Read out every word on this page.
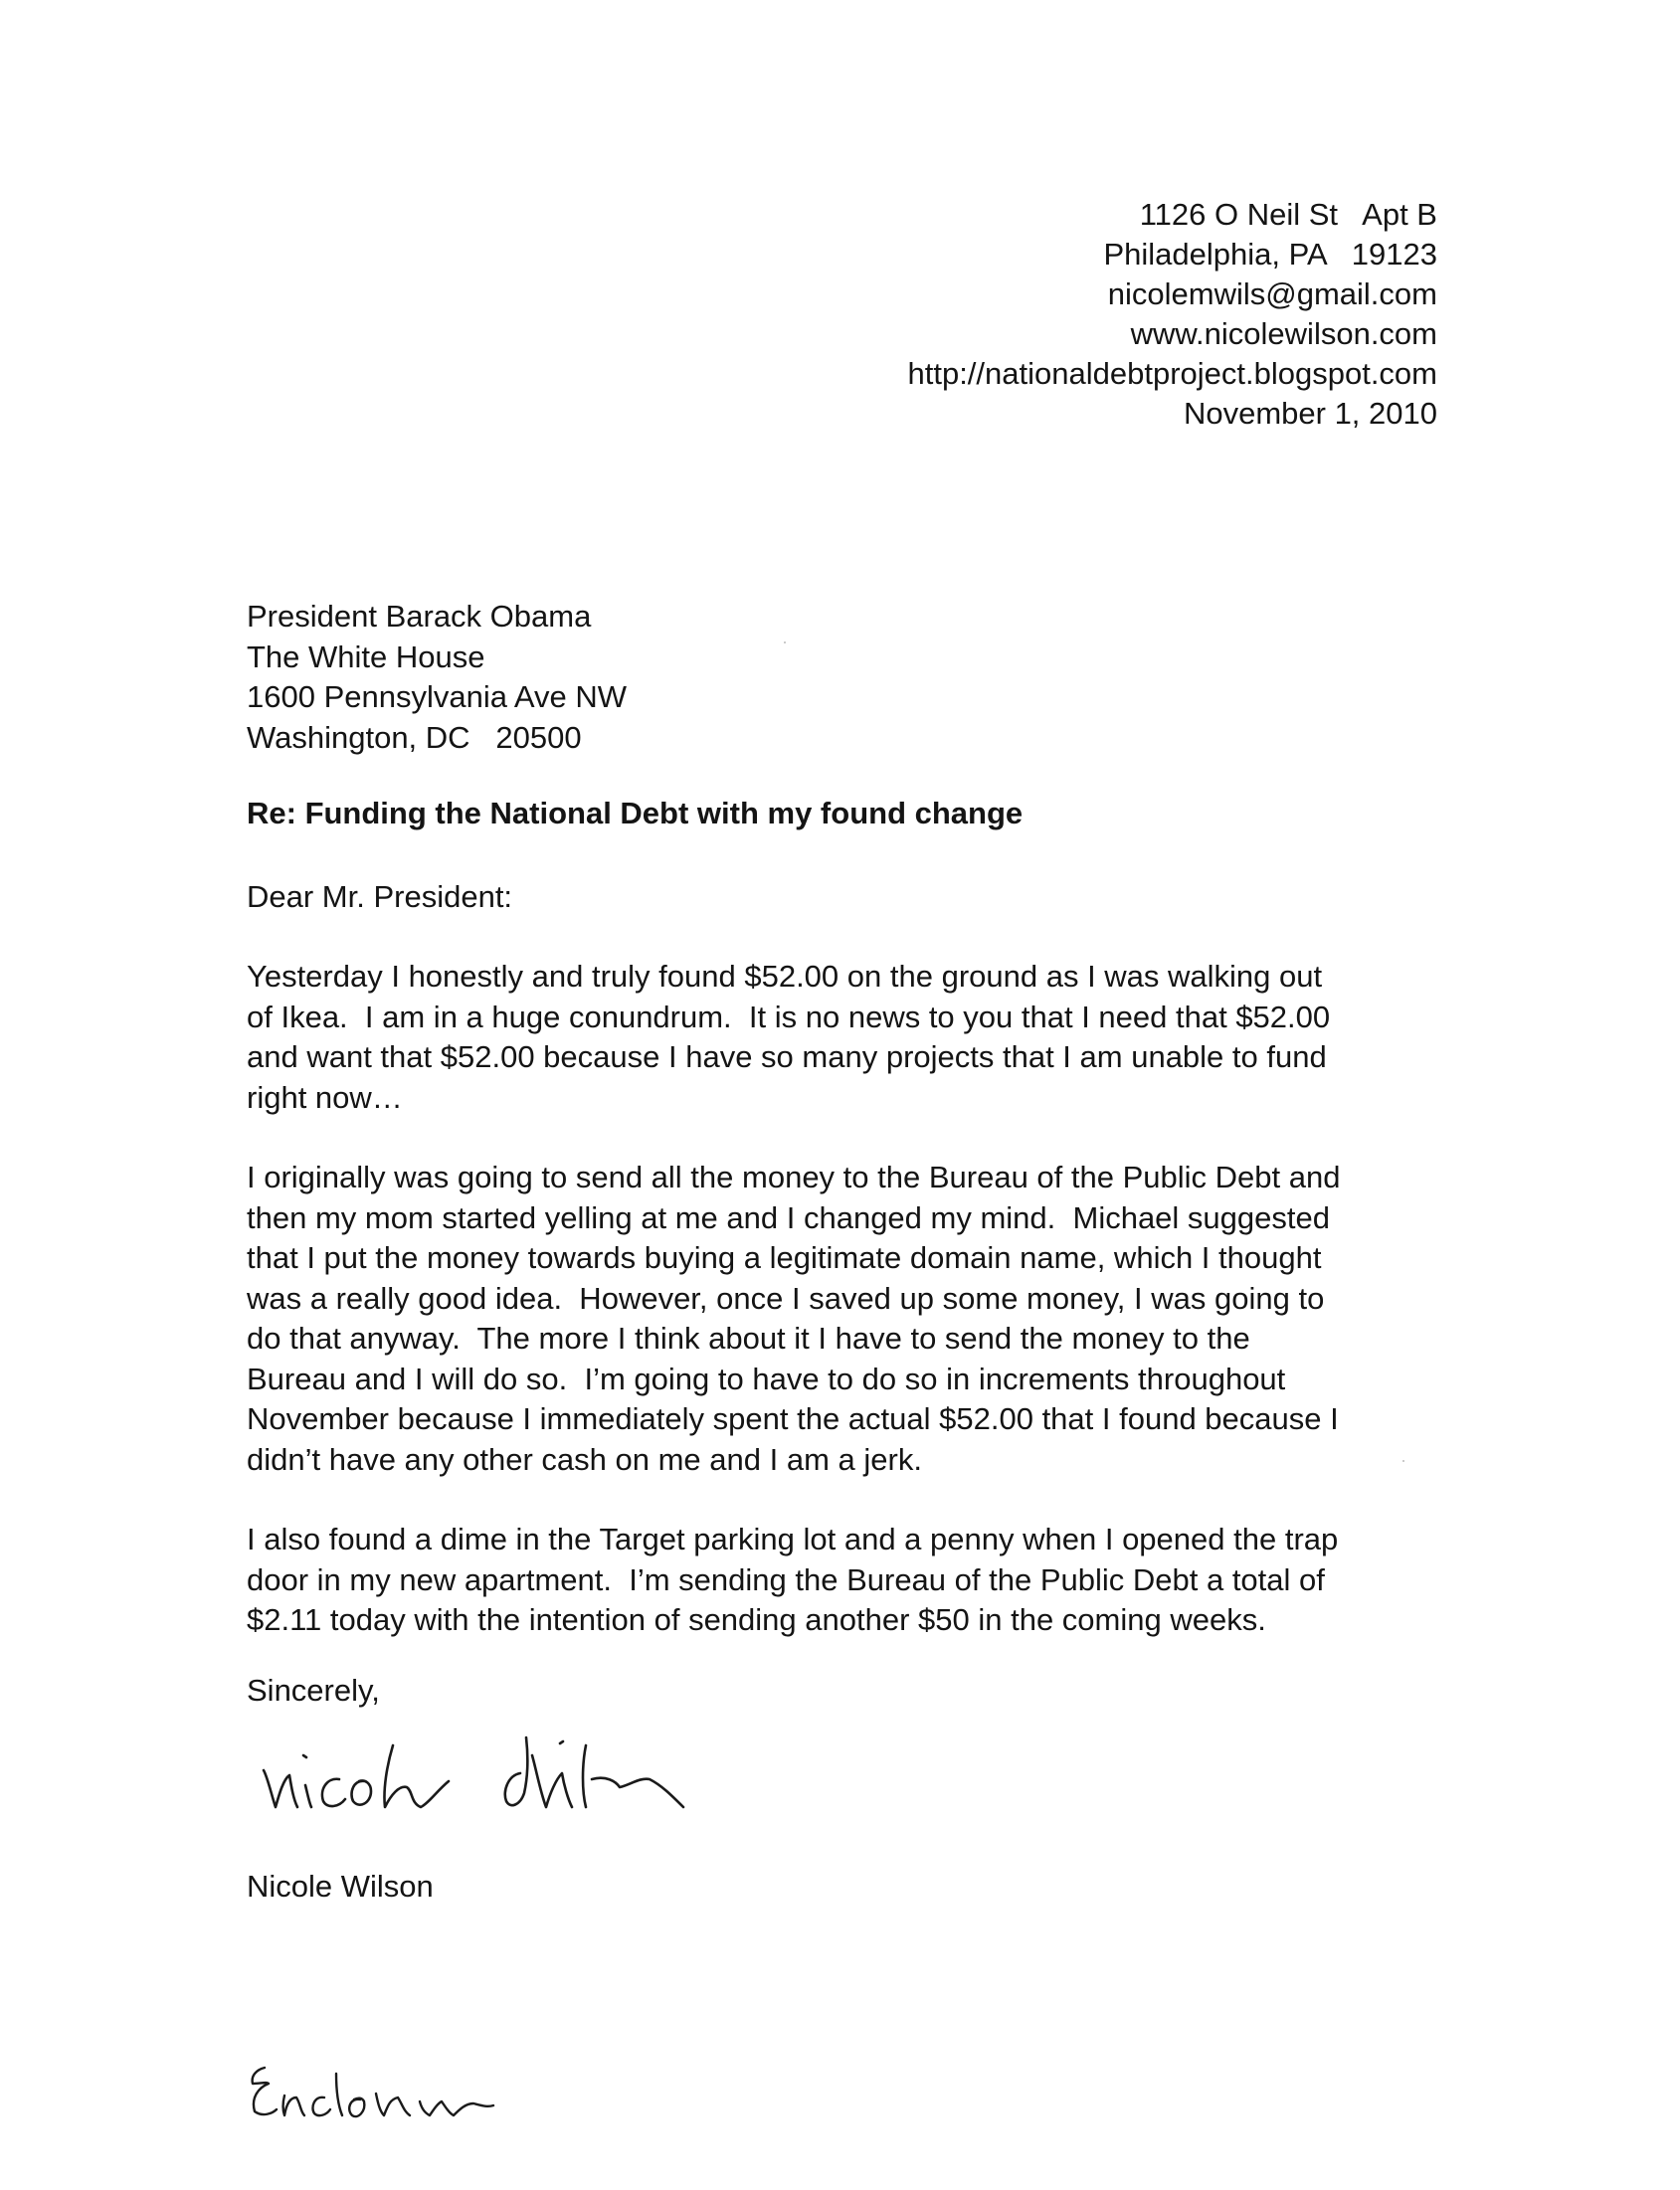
1126 O Neil St   Apt B
Philadelphia, PA   19123
nicolemwils@gmail.com
www.nicolewilson.com
http://nationaldebtproject.blogspot.com
November 1, 2010
President Barack Obama
The White House
1600 Pennsylvania Ave NW
Washington, DC   20500
Re: Funding the National Debt with my found change
Dear Mr. President:

Yesterday I honestly and truly found $52.00 on the ground as I was walking out
of Ikea.  I am in a huge conundrum.  It is no news to you that I need that $52.00
and want that $52.00 because I have so many projects that I am unable to fund
right now…

I originally was going to send all the money to the Bureau of the Public Debt and
then my mom started yelling at me and I changed my mind.  Michael suggested
that I put the money towards buying a legitimate domain name, which I thought
was a really good idea.  However, once I saved up some money, I was going to
do that anyway.  The more I think about it I have to send the money to the
Bureau and I will do so.  I’m going to have to do so in increments throughout
November because I immediately spent the actual $52.00 that I found because I
didn’t have any other cash on me and I am a jerk.

I also found a dime in the Target parking lot and a penny when I opened the trap
door in my new apartment.  I’m sending the Bureau of the Public Debt a total of
$2.11 today with the intention of sending another $50 in the coming weeks.

Sincerely,
Nicole Wilson
